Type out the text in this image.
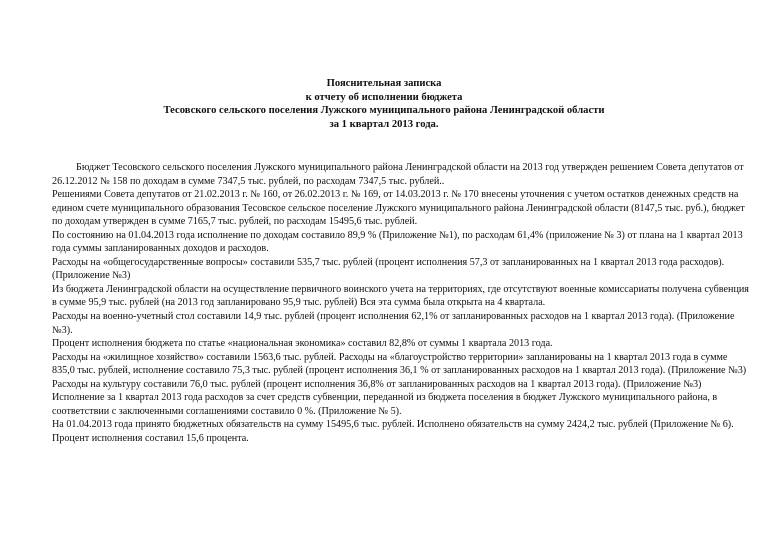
Пояснительная записка
к отчету об исполнении бюджета
Тесовского сельского поселения Лужского муниципального района Ленинградской области
за 1 квартал 2013 года.

Бюджет Тесовского сельского поселения Лужского муниципального района Ленинградской области на 2013 год утвержден решением Совета депутатов от 26.12.2012 № 158 по доходам в сумме 7347,5 тыс. рублей, по расходам 7347,5 тыс. рублей..

Решениями Совета депутатов от 21.02.2013 г. № 160, от 26.02.2013 г. № 169, от 14.03.2013 г. № 170 внесены уточнения с учетом остатков денежных средств на едином счете муниципального образования Тесовское сельское поселение Лужского муниципального района Ленинградской области (8147,5 тыс. руб.), бюджет по доходам утвержден в сумме 7165,7 тыс. рублей, по расходам 15495,6 тыс. рублей.

По состоянию на 01.04.2013 года исполнение по доходам составило 89,9 % (Приложение №1), по расходам 61,4% (приложение № 3) от плана на 1 квартал 2013 года суммы запланированных доходов и расходов.

Расходы на «общегосударственные вопросы» составили 535,7 тыс. рублей (процент исполнения 57,3 от запланированных на 1 квартал 2013 года расходов). (Приложение №3)

Из бюджета Ленинградской области на осуществление первичного воинского учета на территориях, где отсутствуют военные комиссариаты получена субвенция в сумме 95,9 тыс. рублей (на 2013 год запланировано 95,9 тыс. рублей) Вся эта сумма была открыта на 4 квартала.

Расходы на военно-учетный стол составили 14,9 тыс. рублей (процент исполнения 62,1% от запланированных расходов на 1 квартал 2013 года). (Приложение №3).

Процент исполнения бюджета по статье «национальная экономика» составил 82,8% от суммы 1 квартала 2013 года.

Расходы на «жилищное хозяйство» составили 1563,6 тыс. рублей. Расходы на «благоустройство территории» запланированы на 1 квартал 2013 года в сумме 835,0 тыс. рублей, исполнение составило 75,3 тыс. рублей (процент исполнения 36,1 % от запланированных расходов на 1 квартал 2013 года). (Приложение №3)

Расходы на культуру составили 76,0 тыс. рублей (процент исполнения 36,8% от запланированных расходов на 1 квартал 2013 года). (Приложение №3)

Исполнение за 1 квартал 2013 года расходов за счет средств субвенции, переданной из бюджета поселения в бюджет Лужского муниципального района, в соответствии с заключенными соглашениями составило 0 %. (Приложение № 5).

На 01.04.2013 года принято бюджетных обязательств на сумму 15495,6 тыс. рублей. Исполнено обязательств на сумму 2424,2 тыс. рублей (Приложение № 6). Процент исполнения составил 15,6 процента.
